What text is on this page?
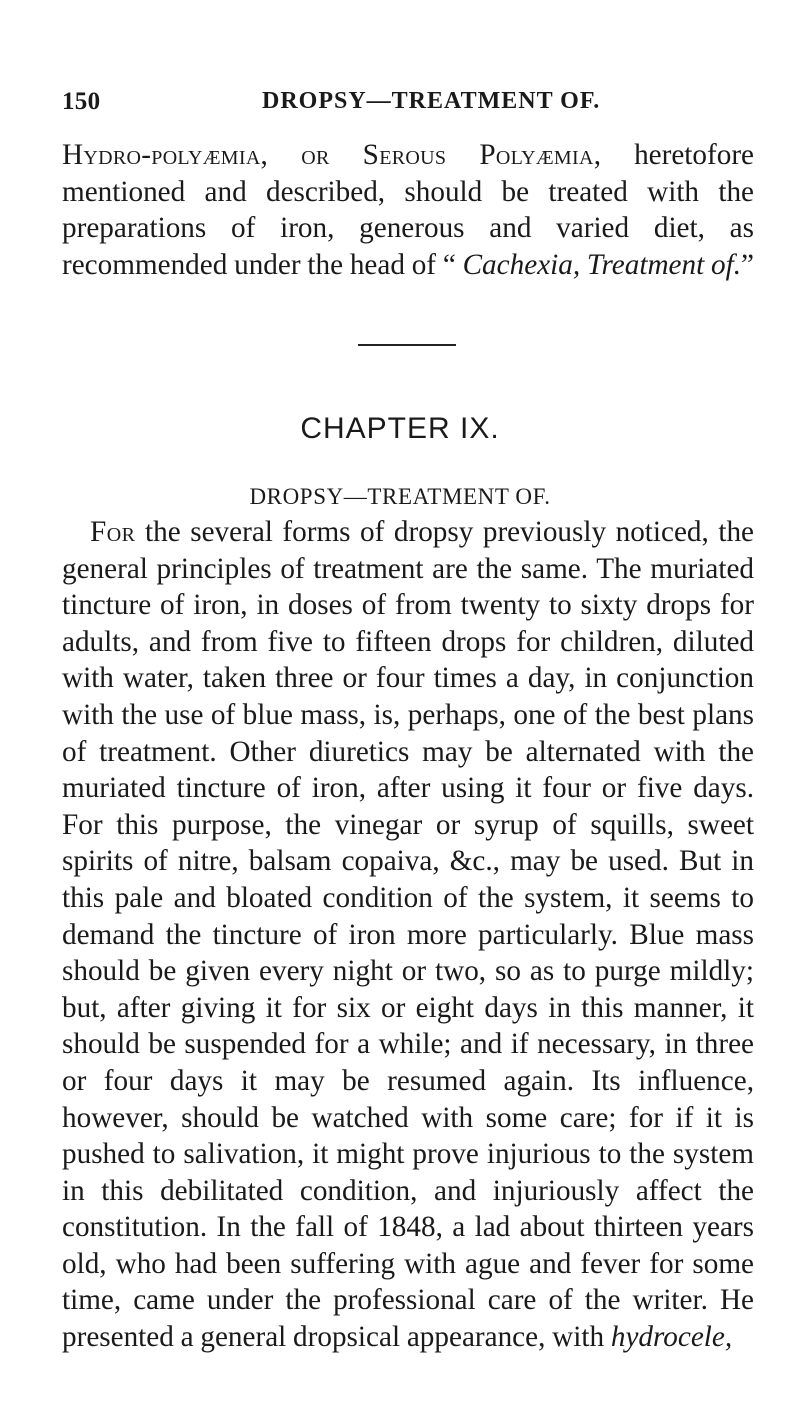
150	DROPSY—TREATMENT OF.

Hydro-polyæmia, or Serous Polyæmia, heretofore mentioned and described, should be treated with the preparations of iron, generous and varied diet, as recommended under the head of “ Cachexia, Treatment of.”

CHAPTER IX.
DROPSY—TREATMENT OF.

For the several forms of dropsy previously noticed, the general principles of treatment are the same. The muriated tincture of iron, in doses of from twenty to sixty drops for adults, and from five to fifteen drops for children, diluted with water, taken three or four times a day, in conjunction with the use of blue mass, is, perhaps, one of the best plans of treatment. Other diuretics may be alternated with the muriated tincture of iron, after using it four or five days. For this purpose, the vinegar or syrup of squills, sweet spirits of nitre, balsam copaiva, &c., may be used. But in this pale and bloated condition of the system, it seems to demand the tincture of iron more particularly. Blue mass should be given every night or two, so as to purge mildly; but, after giving it for six or eight days in this manner, it should be suspended for a while; and if necessary, in three or four days it may be resumed again. Its influence, however, should be watched with some care; for if it is pushed to salivation, it might prove injurious to the system in this debilitated condition, and injuriously affect the constitution. In the fall of 1848, a lad about thirteen years old, who had been suffering with ague and fever for some time, came under the professional care of the writer. He presented a general dropsical appearance, with hydrocele,
